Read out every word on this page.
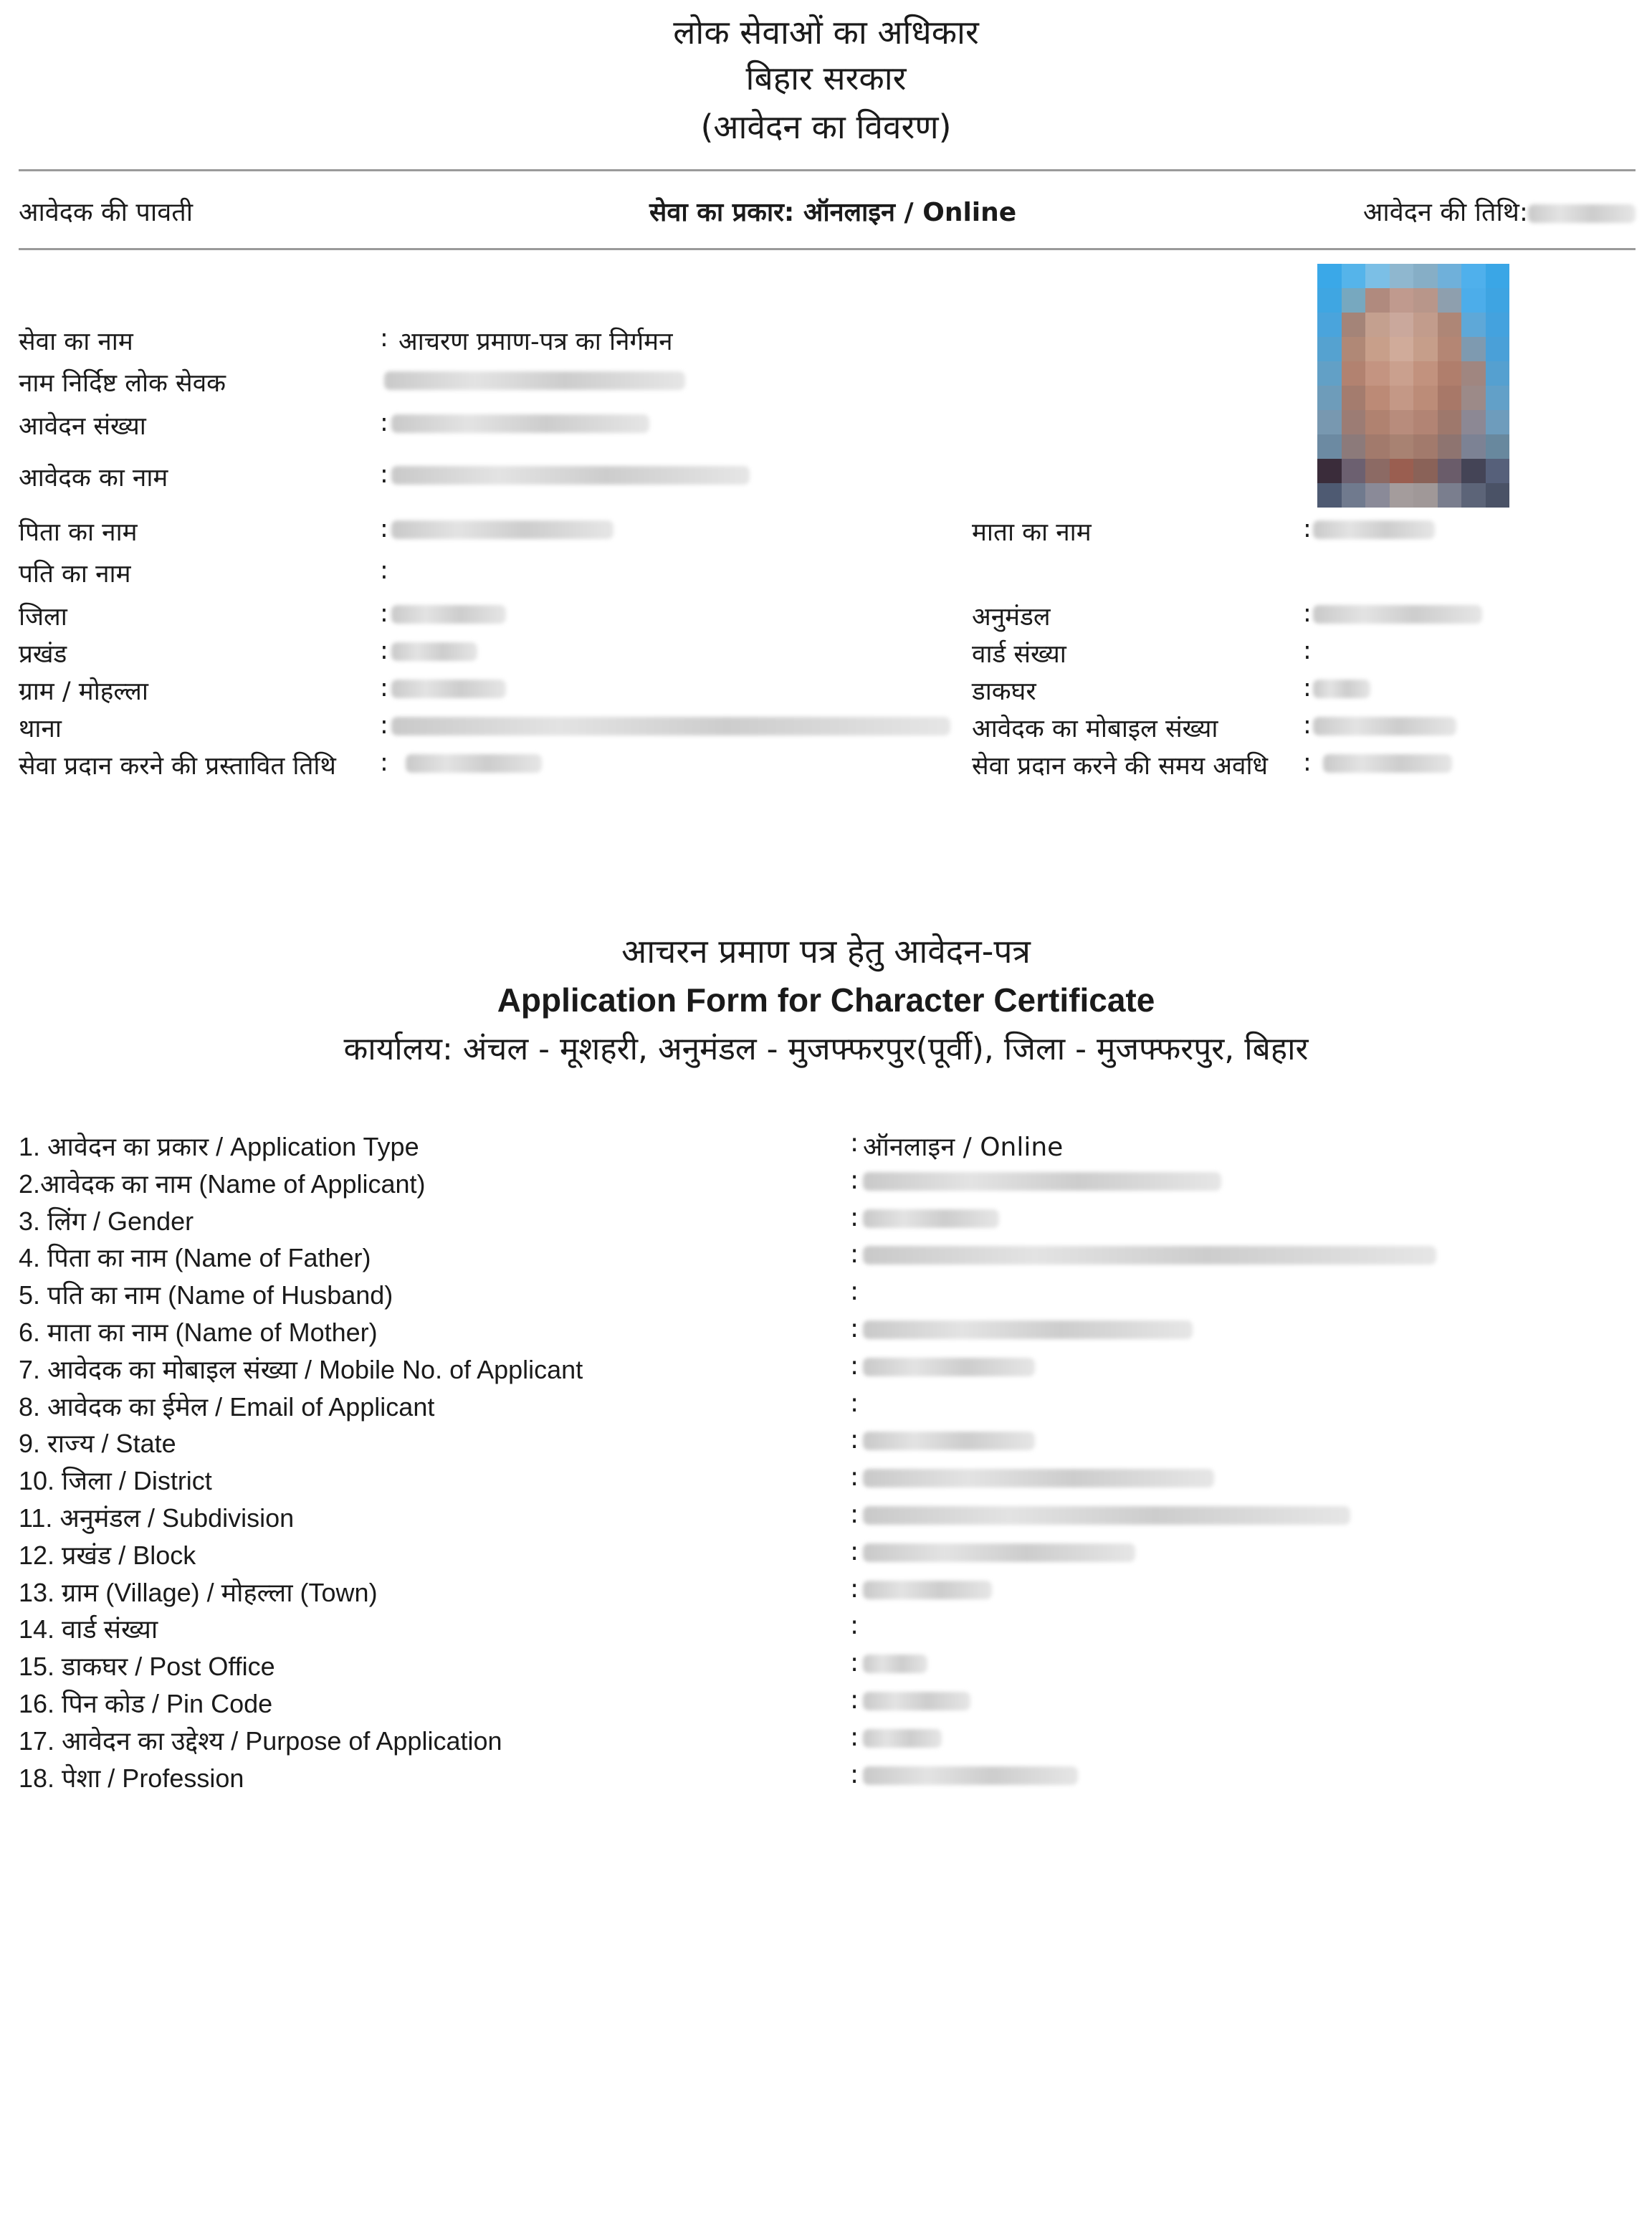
लोक सेवाओं का अधिकार
बिहार सरकार
(आवेदन का विवरण)
आवेदक की पावती	सेवा का प्रकार: ऑनलाइन / Online	आवेदन की तिथि:
सेवा का नाम	: आचरण प्रमाण-पत्र का निर्गमन
नाम निर्दिष्ट लोक सेवक
आवेदन संख्या	:
आवेदक का नाम	:
पिता का नाम	:	माता का नाम	:
पति का नाम	:
जिला	:	अनुमंडल	:
प्रखंड	:	वार्ड संख्या	:
ग्राम / मोहल्ला	:	डाकघर	:
थाना	:	आवेदक का मोबाइल संख्या	:
सेवा प्रदान करने की प्रस्तावित तिथि :	सेवा प्रदान करने की समय अवधि :
आचरन प्रमाण पत्र हेतु आवेदन-पत्र
Application Form for Character Certificate
कार्यालय: अंचल - मूशहरी, अनुमंडल - मुजफ्फरपुर(पूर्वी), जिला - मुजफ्फरपुर, बिहार
1. आवेदन का प्रकार / Application Type	: ऑनलाइन / Online
2.आवेदक का नाम (Name of Applicant)	:
3. लिंग / Gender	:
4. पिता का नाम (Name of Father)	:
5. पति का नाम (Name of Husband)	:
6. माता का नाम (Name of Mother)	:
7. आवेदक का मोबाइल संख्या / Mobile No. of Applicant	:
8. आवेदक का ईमेल / Email of Applicant	:
9. राज्य / State	:
10. जिला / District	:
11. अनुमंडल / Subdivision	:
12. प्रखंड / Block	:
13. ग्राम (Village) / मोहल्ला (Town)	:
14. वार्ड संख्या	:
15. डाकघर / Post Office	:
16. पिन कोड / Pin Code	:
17. आवेदन का उद्देश्य / Purpose of Application	:
18. पेशा / Profession	:
